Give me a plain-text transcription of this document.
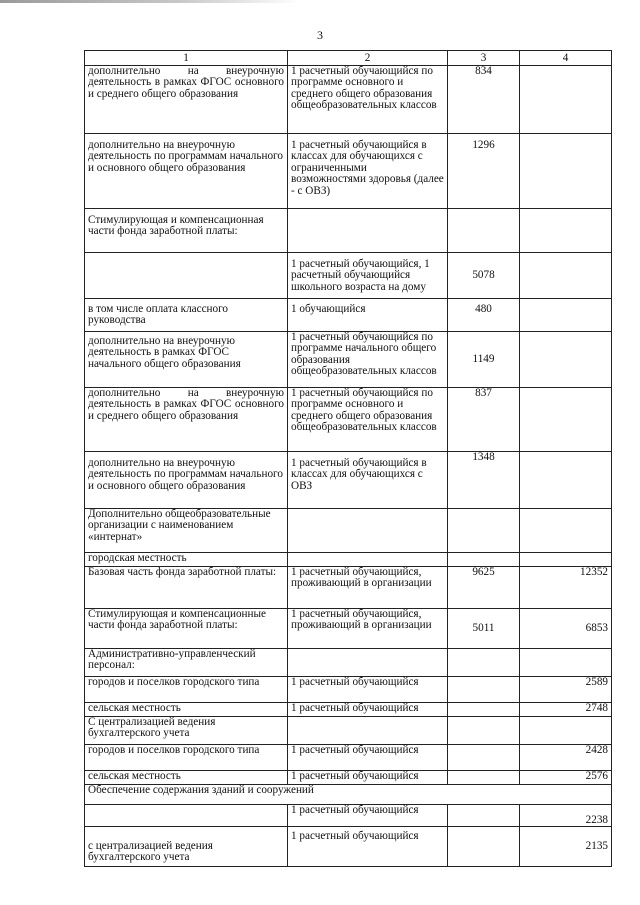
3
1	2	3	4
дополнительно на внеурочную деятельность в рамках ФГОС основного и среднего общего образования	1 расчетный обучающийся по программе основного и среднего общего образования общеобразовательных классов	834	
дополнительно на внеурочную деятельность по программам начального и основного общего образования	1 расчетный обучающийся в классах для обучающихся с ограниченными возможностями здоровья (далее - с ОВЗ)	1296	
Стимулирующая и компенсационная части фонда заработной платы:			
	1 расчетный обучающийся, 1 расчетный обучающийся школьного возраста на дому	5078	
в том числе оплата классного руководства	1 обучающийся	480	
дополнительно на внеурочную деятельность в рамках ФГОС начального общего образования	1 расчетный обучающийся по программе начального общего образования общеобразовательных классов	1149	
дополнительно на внеурочную деятельность в рамках ФГОС основного и среднего общего образования	1 расчетный обучающийся по программе основного и среднего общего образования общеобразовательных классов	837	
дополнительно на внеурочную деятельность по программам начального и основного общего образования	1 расчетный обучающийся в классах для обучающихся с ОВЗ	1348	
Дополнительно общеобразовательные организации с наименованием «интернат»			
городская местность			
Базовая часть фонда заработной платы:	1 расчетный обучающийся, проживающий в организации	9625	12352
Стимулирующая и компенсационные части фонда заработной платы:	1 расчетный обучающийся, проживающий в организации	5011	6853
Административно-управленческий персонал:			
городов и поселков городского типа	1 расчетный обучающийся		2589
сельская местность	1 расчетный обучающийся		2748
С централизацией ведения бухгалтерского учета			
городов и поселков городского типа	1 расчетный обучающийся		2428
сельская местность	1 расчетный обучающийся		2576
Обеспечение содержания зданий и сооружений			
	1 расчетный обучающийся		2238
с централизацией ведения бухгалтерского учета	1 расчетный обучающийся		2135
